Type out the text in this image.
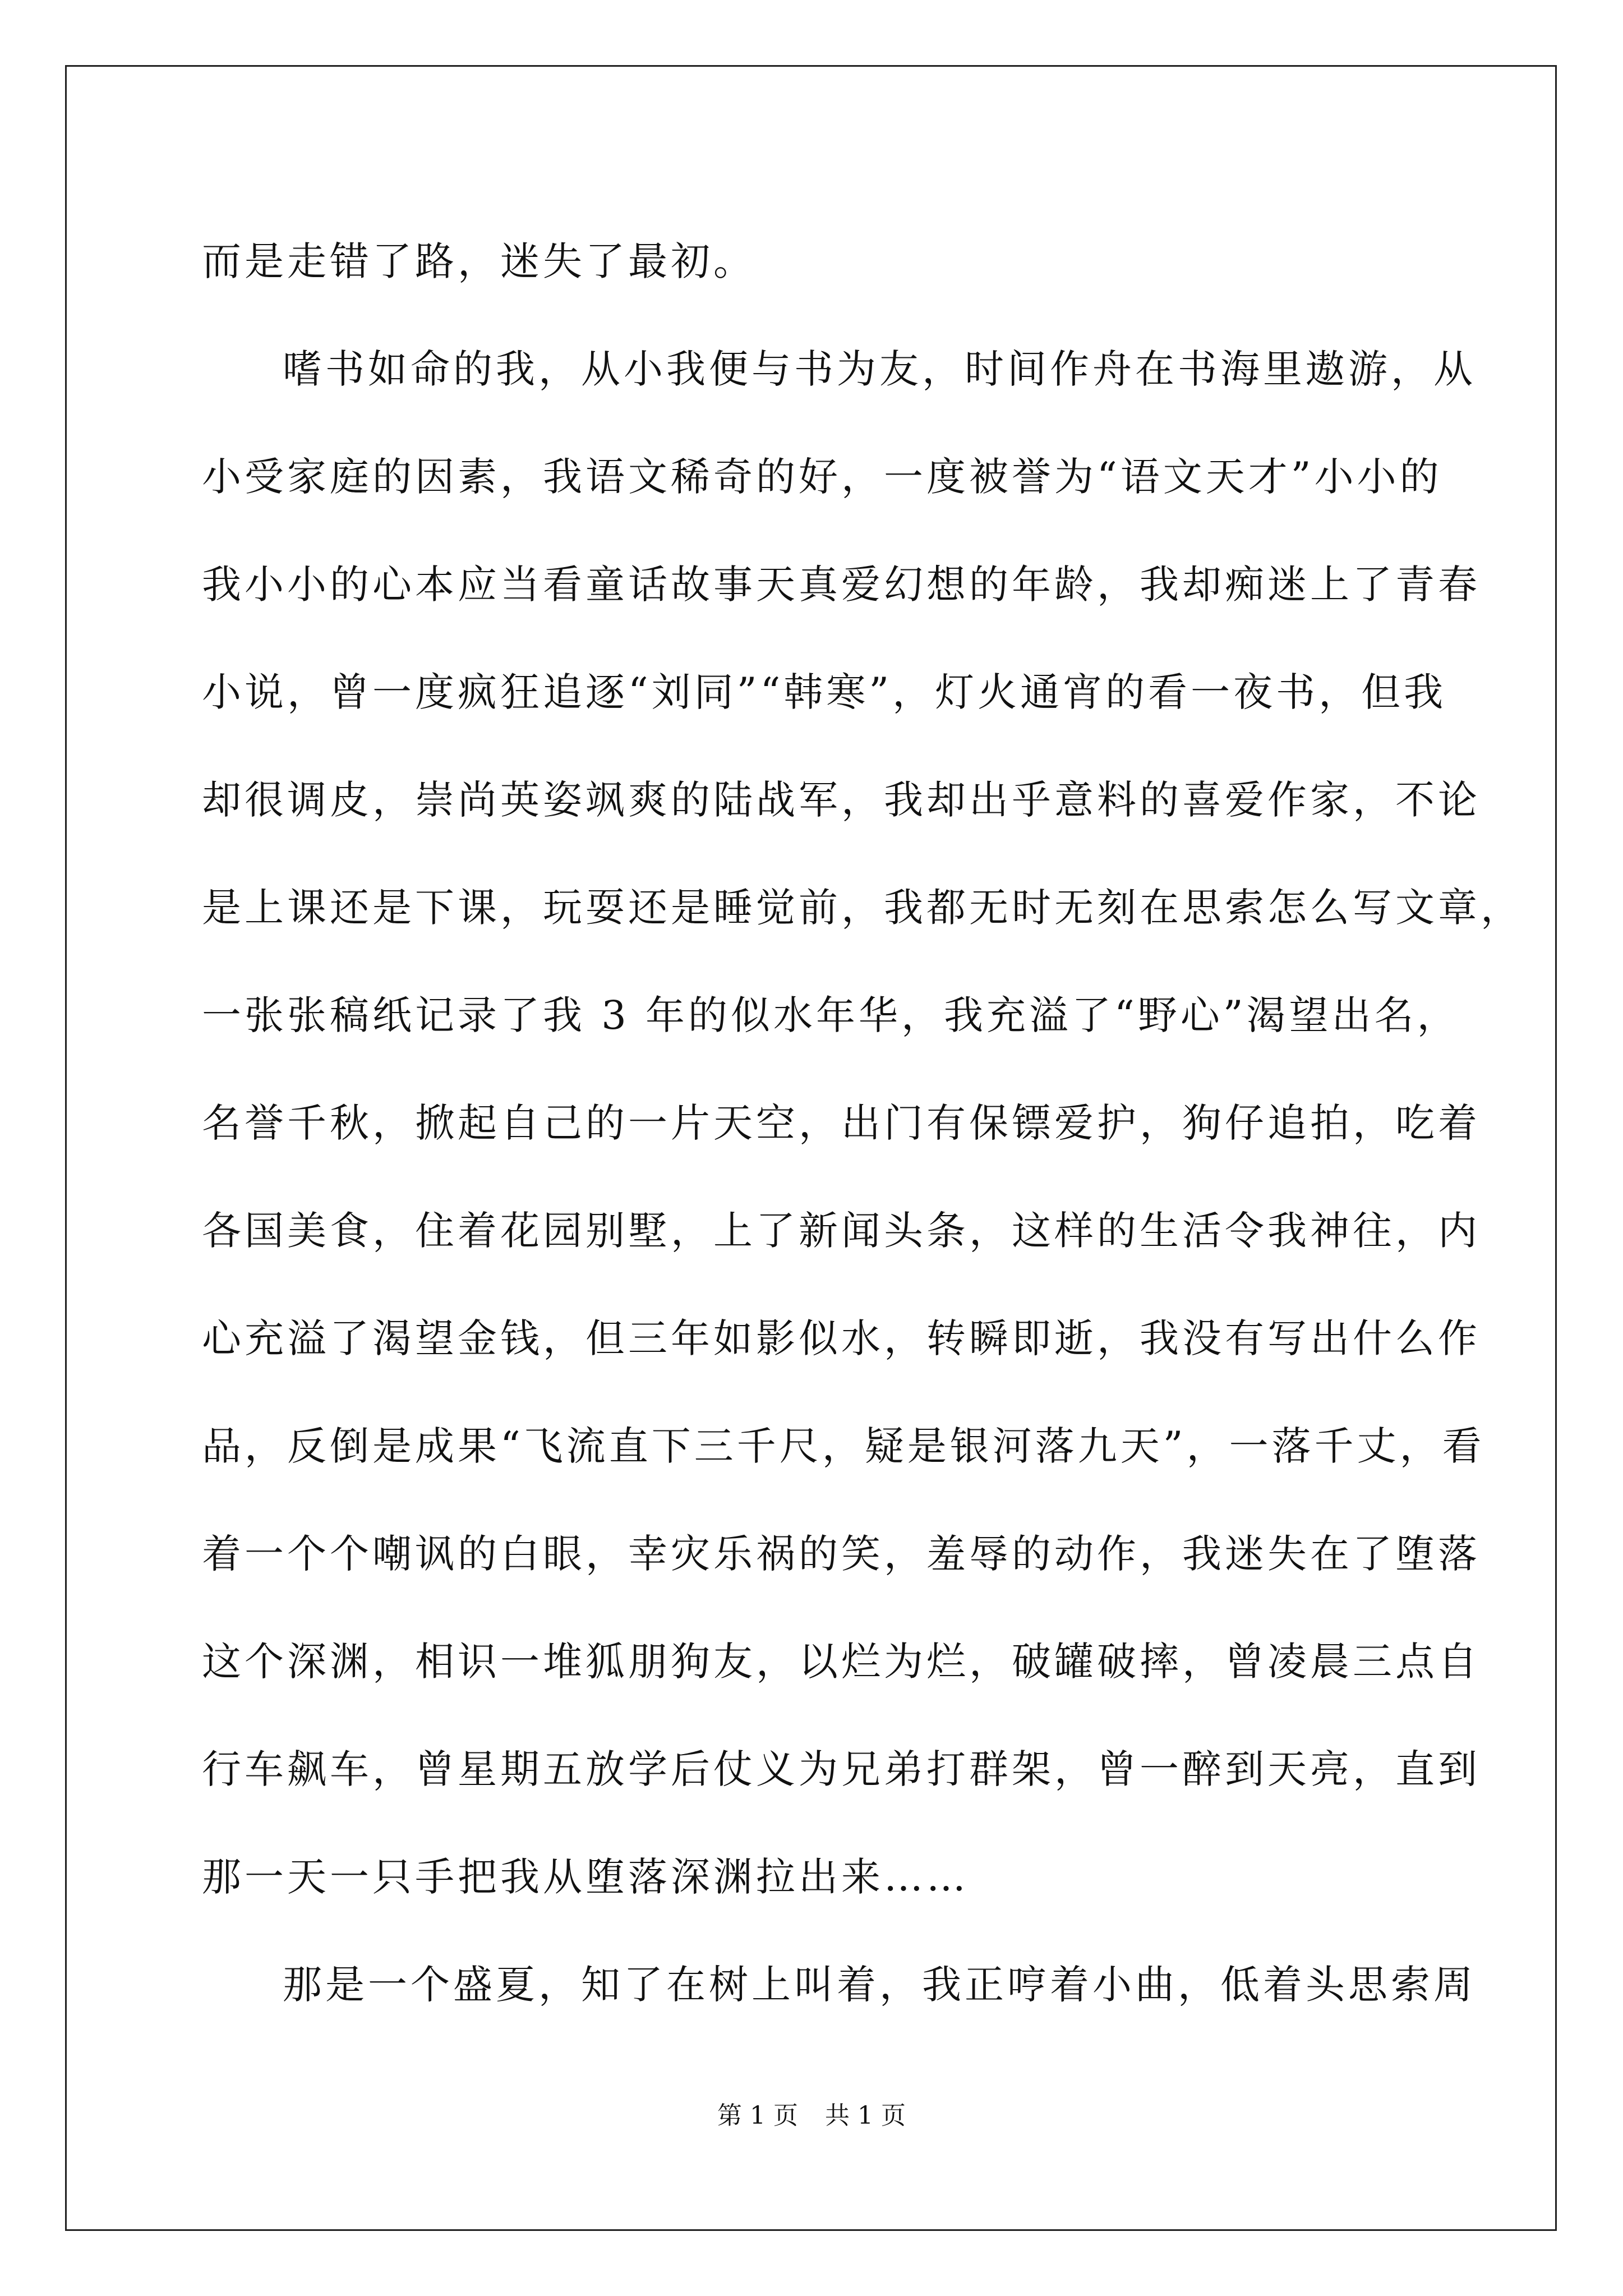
而是走错了路，迷失了最初。
嗜书如命的我，从小我便与书为友，时间作舟在书海里遨游，从
小受家庭的因素，我语文稀奇的好，一度被誉为“语文天才”小小的
我小小的心本应当看童话故事天真爱幻想的年龄，我却痴迷上了青春
小说，曾一度疯狂追逐“刘同”“韩寒”，灯火通宵的看一夜书，但我
却很调皮，崇尚英姿飒爽的陆战军，我却出乎意料的喜爱作家，不论
是上课还是下课，玩耍还是睡觉前，我都无时无刻在思索怎么写文章，
一张张稿纸记录了我 3 年的似水年华，我充溢了“野心”渴望出名，
名誉千秋，掀起自己的一片天空，出门有保镖爱护，狗仔追拍，吃着
各国美食，住着花园别墅，上了新闻头条，这样的生活令我神往，内
心充溢了渴望金钱，但三年如影似水，转瞬即逝，我没有写出什么作
品，反倒是成果“飞流直下三千尺，疑是银河落九天”，一落千丈，看
着一个个嘲讽的白眼，幸灾乐祸的笑，羞辱的动作，我迷失在了堕落
这个深渊，相识一堆狐朋狗友，以烂为烂，破罐破摔，曾凌晨三点自
行车飙车，曾星期五放学后仗义为兄弟打群架，曾一醉到天亮，直到
那一天一只手把我从堕落深渊拉出来……
那是一个盛夏，知了在树上叫着，我正哼着小曲，低着头思索周
第 1 页 共 1 页
